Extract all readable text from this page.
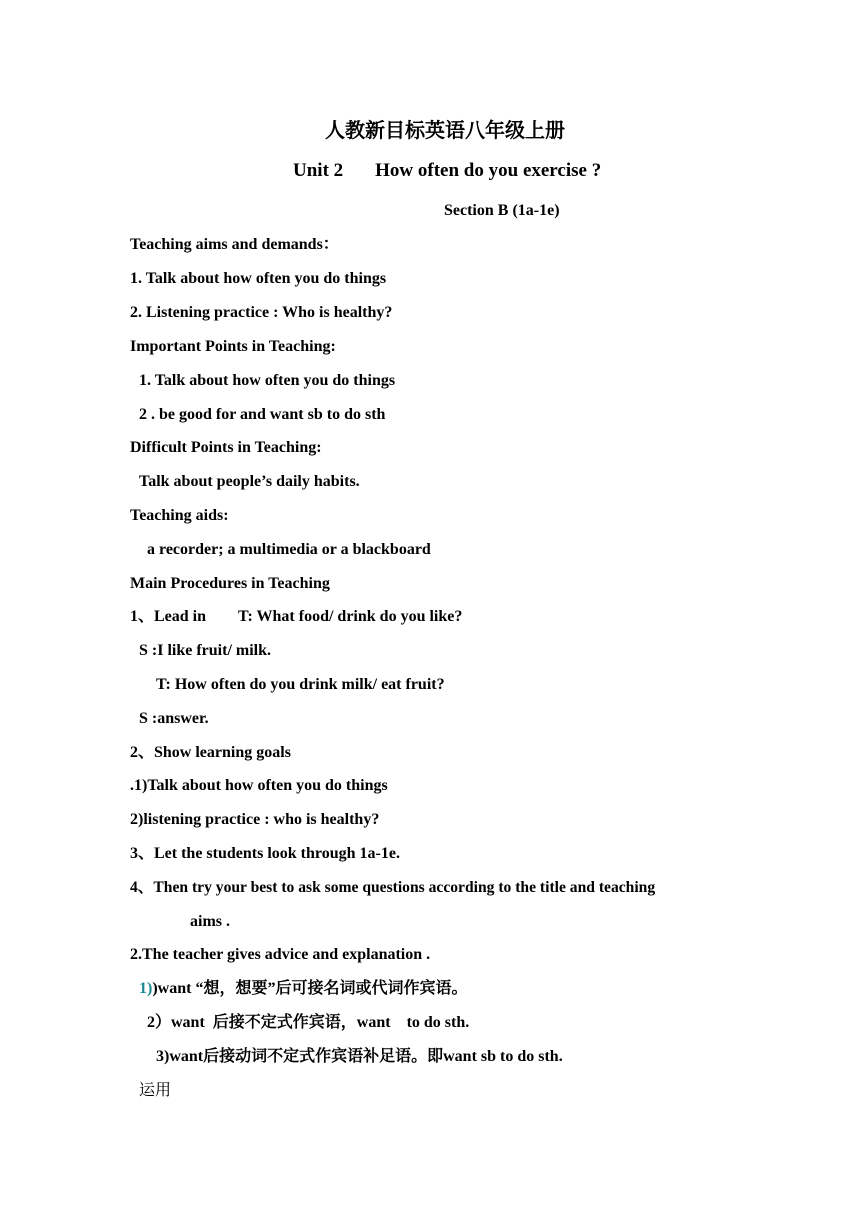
人教新目标英语八年级上册
Unit 2 How often do you exercise ?
Section B (1a-1e)
Teaching aims and demands：
1. Talk about how often you do things
2. Listening practice : Who is healthy?
Important Points in Teaching:
1. Talk about how often you do things
2 . be good for and want sb to do sth
Difficult Points in Teaching:
Talk about people’s daily habits.
Teaching aids:
a recorder; a multimedia or a blackboard
Main Procedures in Teaching
1、Lead in T: What food/ drink do you like?
S :I like fruit/ milk.
T: How often do you drink milk/ eat fruit?
S :answer.
2、Show learning goals
.1)Talk about how often you do things
2)listening practice : who is healthy?
3、Let the students look through 1a-1e.
4、Then try your best to ask some questions according to the title and teaching
aims .
2.The teacher gives advice and explanation .
1))want “想，想要”后可接名词或代词作宾语。
2）want  后接不定式作宾语，want    to do sth.
3)want后接动词不定式作宾语补足语。即want sb to do sth.
运用
